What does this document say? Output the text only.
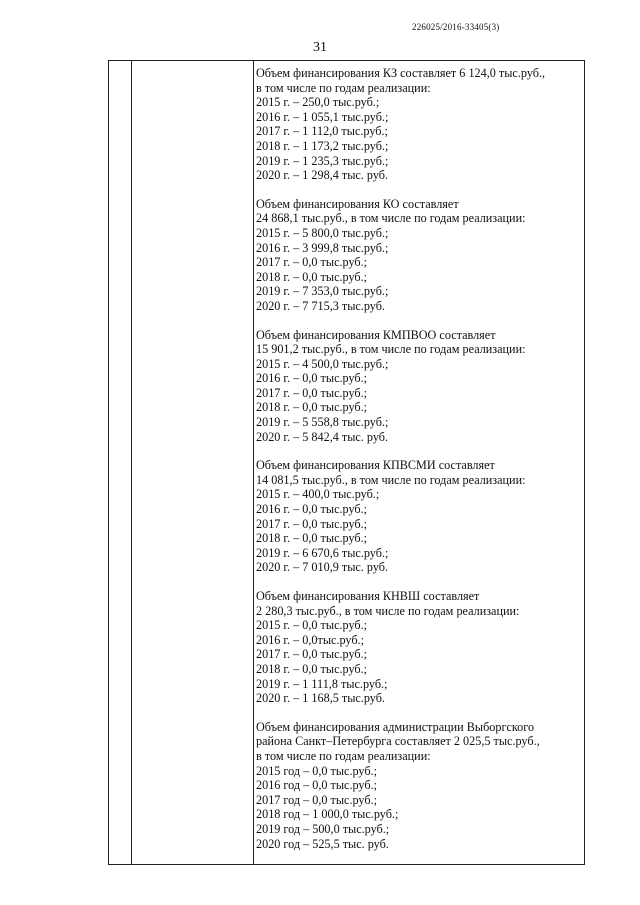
226025/2016-33405(3)
31
Объем финансирования КЗ составляет 6 124,0 тыс.руб.,
в том числе по годам реализации:
2015 г. – 250,0 тыс.руб.;
2016 г. – 1 055,1 тыс.руб.;
2017 г. – 1 112,0 тыс.руб.;
2018 г. – 1 173,2 тыс.руб.;
2019 г. – 1 235,3 тыс.руб.;
2020 г. – 1 298,4 тыс. руб.
Объем финансирования КО составляет
24 868,1 тыс.руб., в том числе по годам реализации:
2015 г. – 5 800,0 тыс.руб.;
2016 г. – 3 999,8 тыс.руб.;
2017 г. – 0,0 тыс.руб.;
2018 г. – 0,0 тыс.руб.;
2019 г. – 7 353,0 тыс.руб.;
2020 г. – 7 715,3 тыс.руб.
Объем финансирования КМПВОО составляет
15 901,2 тыс.руб., в том числе по годам реализации:
2015 г. – 4 500,0 тыс.руб.;
2016 г. – 0,0 тыс.руб.;
2017 г. – 0,0 тыс.руб.;
2018 г. – 0,0 тыс.руб.;
2019 г. – 5 558,8 тыс.руб.;
2020 г. – 5 842,4 тыс. руб.
Объем финансирования КПВСМИ составляет
14 081,5 тыс.руб., в том числе по годам реализации:
2015 г. – 400,0 тыс.руб.;
2016 г. – 0,0 тыс.руб.;
2017 г. – 0,0 тыс.руб.;
2018 г. – 0,0 тыс.руб.;
2019 г. – 6 670,6 тыс.руб.;
2020 г. – 7 010,9 тыс. руб.
Объем финансирования КНВШ составляет
2 280,3 тыс.руб., в том числе по годам реализации:
2015 г. – 0,0 тыс.руб.;
2016 г. – 0,0тыс.руб.;
2017 г. – 0,0 тыс.руб.;
2018 г. – 0,0 тыс.руб.;
2019 г. – 1 111,8 тыс.руб.;
2020 г. – 1 168,5 тыс.руб.
Объем финансирования администрации Выборгского
района Санкт–Петербурга составляет 2 025,5 тыс.руб.,
в том числе по годам реализации:
2015 год – 0,0 тыс.руб.;
2016 год – 0,0 тыс.руб.;
2017 год – 0,0 тыс.руб.;
2018 год – 1 000,0 тыс.руб.;
2019 год – 500,0 тыс.руб.;
2020 год – 525,5 тыс. руб.
